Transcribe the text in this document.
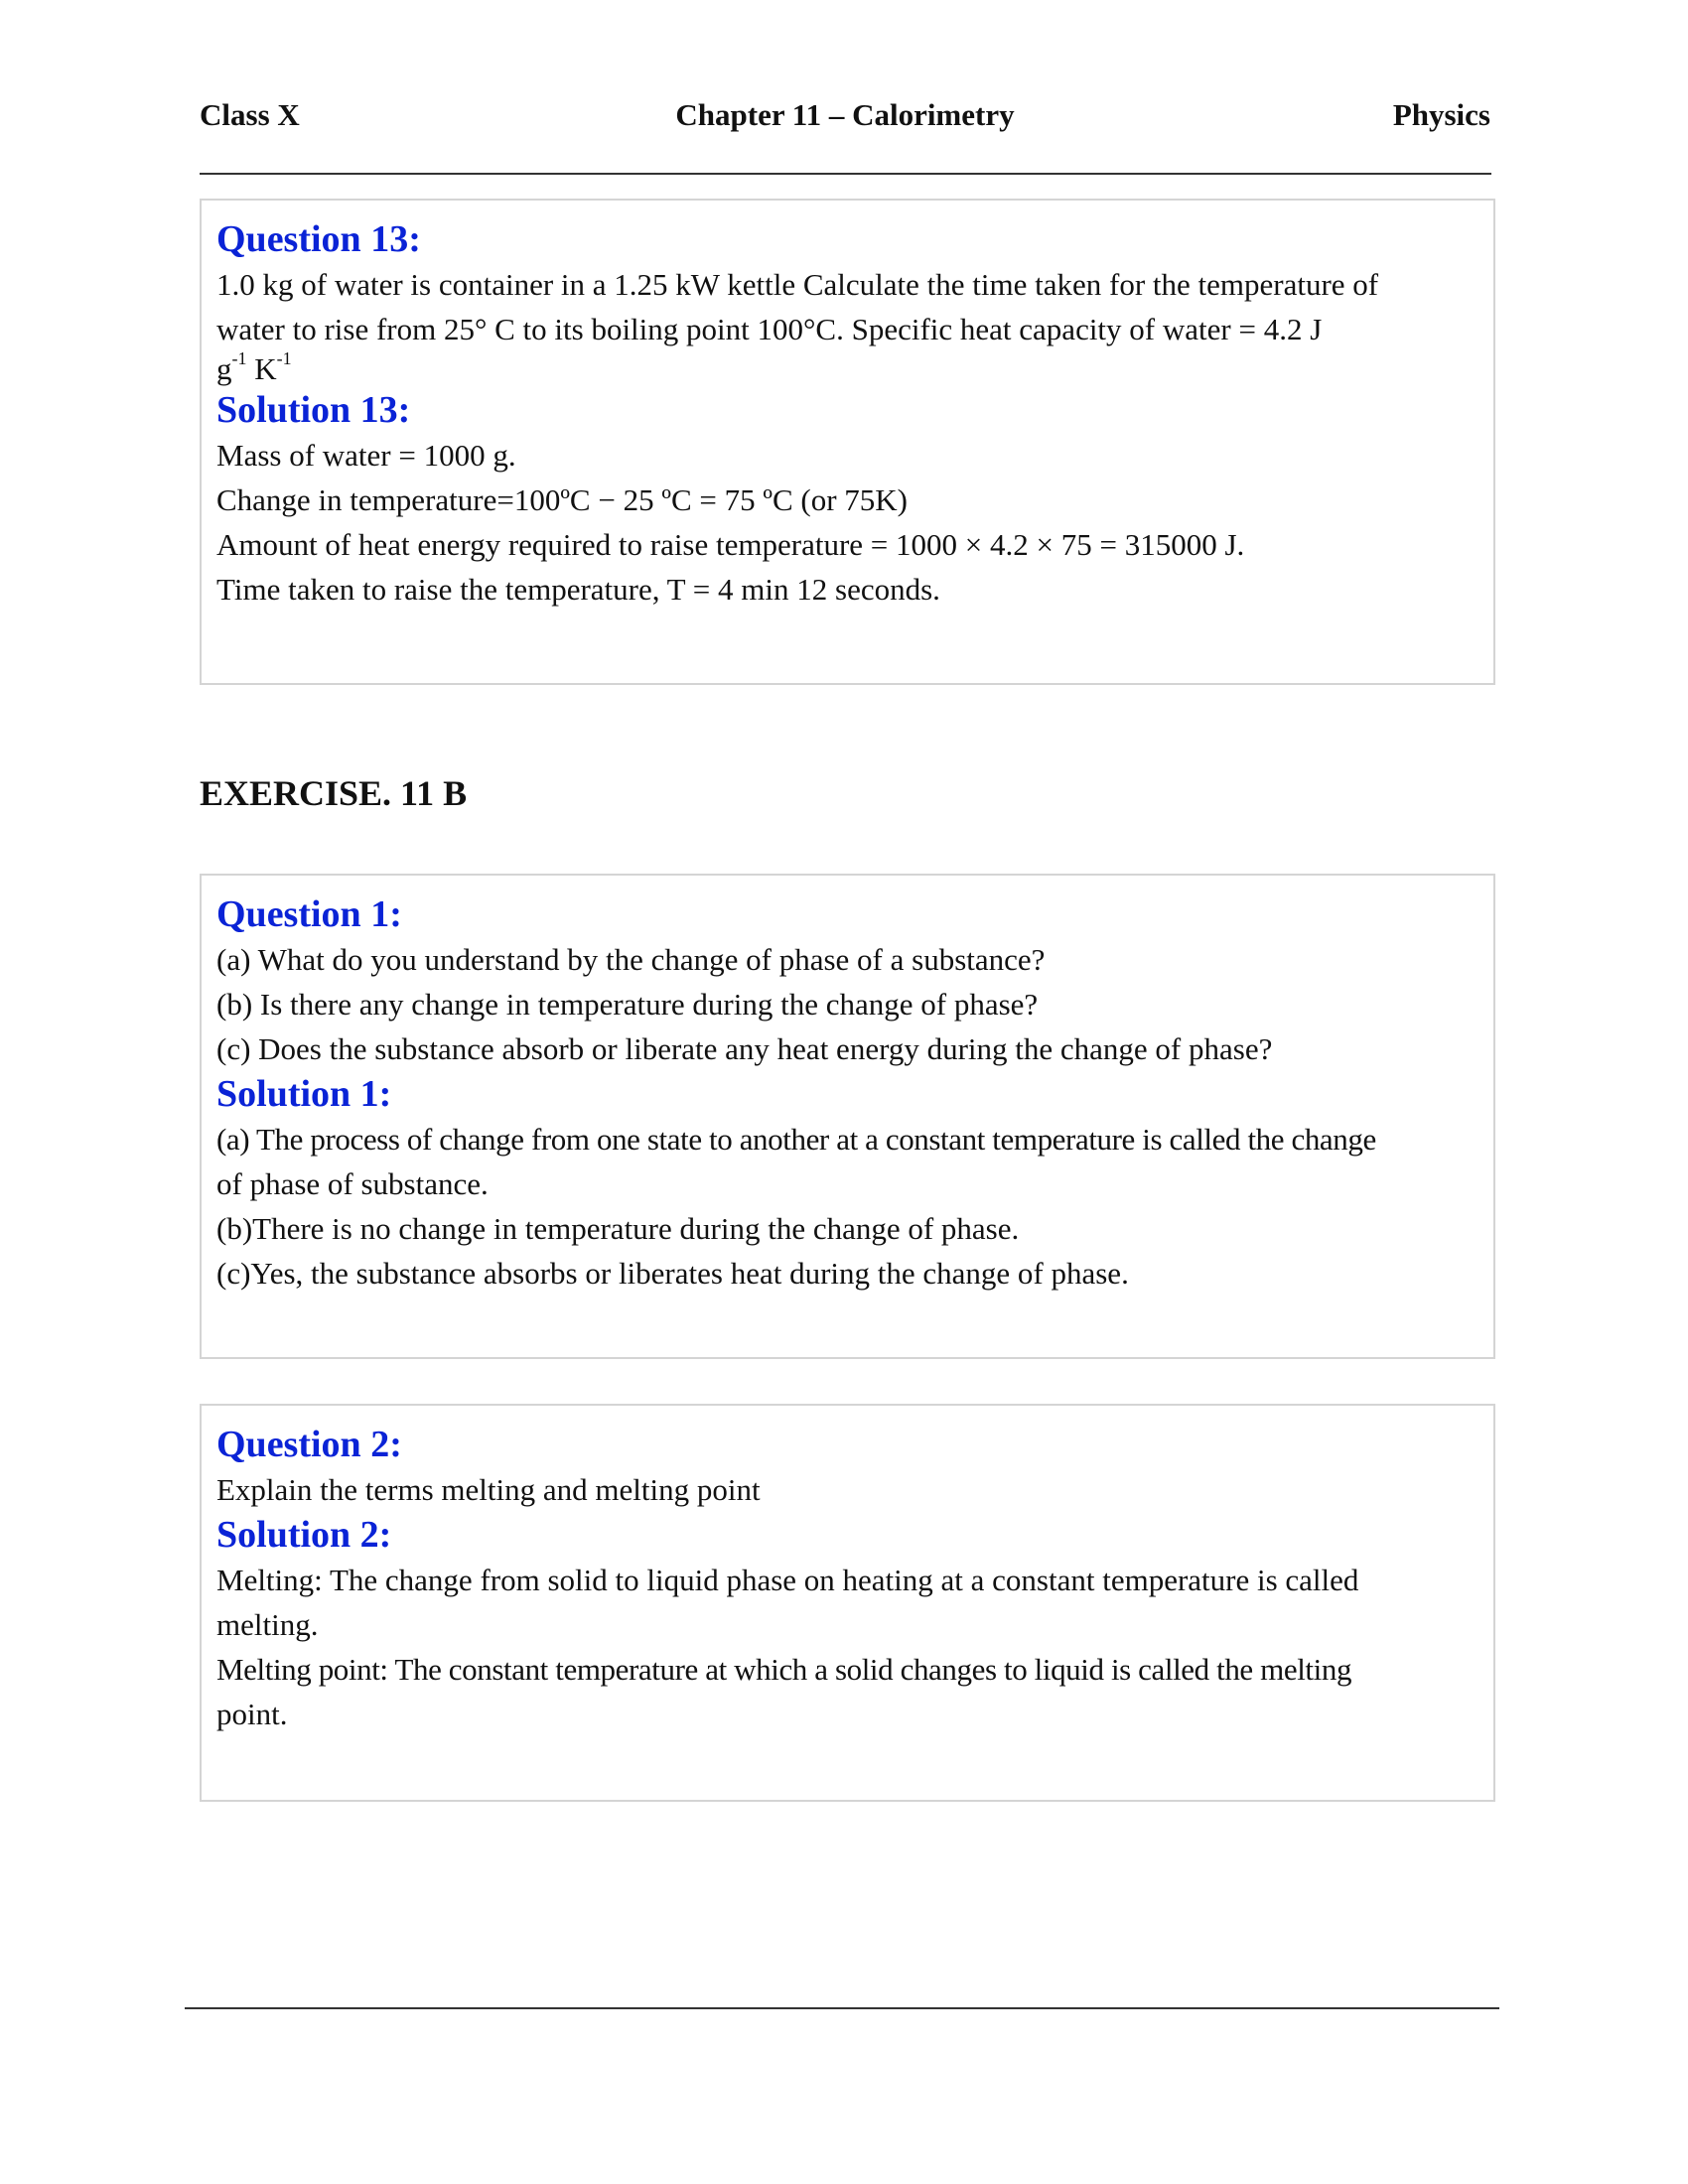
Chapter 11 – Calorimetry
Class X	Physics

Question 13:

1.0 kg of water is container in a 1.25 kW kettle Calculate the time taken for the temperature of

water to rise from 25° C to its boiling point 100°C. Specific heat capacity of water = 4.2 J

$g^{-1}$ $K^{-1}$

Solution 13:

Mass of water = 1000 g.

Change in temperature=100ºC − 25 ºC = 75 ºC (or 75K)

Amount of heat energy required to raise temperature = 1000 × 4.2 × 75 = 315000 J.

Time taken to raise the temperature, T = 4 min 12 seconds.

EXERCISE. 11 B

Question 1:

(a) What do you understand by the change of phase of a substance?

(b) Is there any change in temperature during the change of phase?

(c) Does the substance absorb or liberate any heat energy during the change of phase?

Solution 1:

(a) The process of change from one state to another at a constant temperature is called the change

of phase of substance.

(b)There is no change in temperature during the change of phase.

(c)Yes, the substance absorbs or liberates heat during the change of phase.

Question 2:

Explain the terms melting and melting point

Solution 2:

Melting: The change from solid to liquid phase on heating at a constant temperature is called

melting.

Melting point: The constant temperature at which a solid changes to liquid is called the melting

point.
